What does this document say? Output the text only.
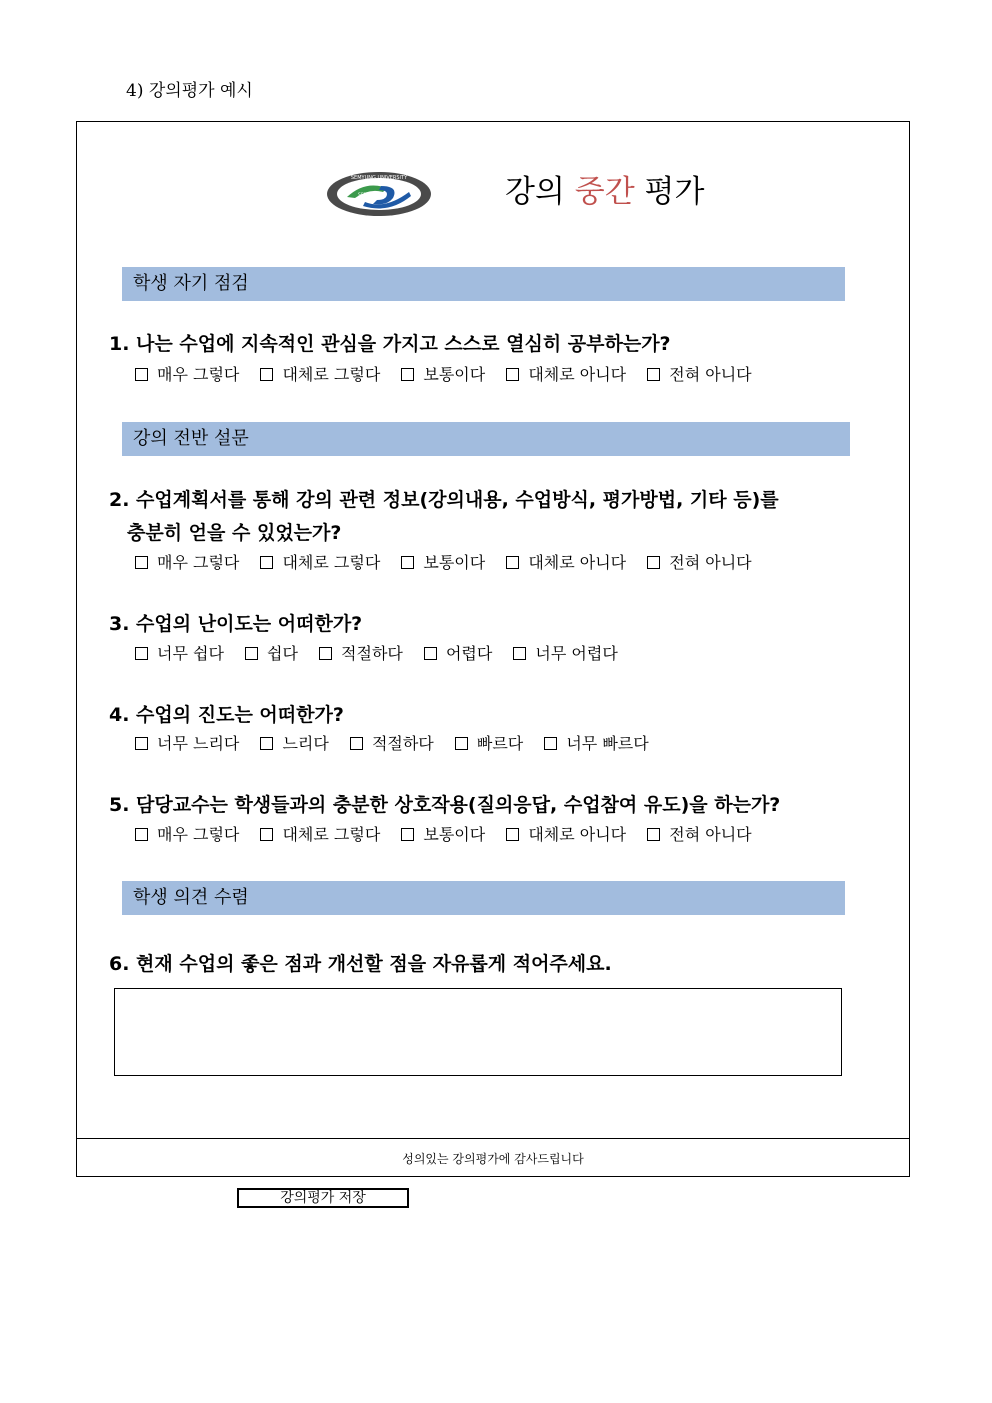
4) 강의평가 예시
SEMYUNG UNIVERSITY
SEMYUNG	강의 중간 평가
학생 자기 점검
1. 나는 수업에 지속적인 관심을 가지고 스스로 열심히 공부하는가?
매우 그렇다	대체로 그렇다	보통이다	대체로 아니다	전혀 아니다
강의 전반 설문
2. 수업계획서를 통해 강의 관련 정보(강의내용, 수업방식, 평가방법, 기타 등)를
충분히 얻을 수 있었는가?
매우 그렇다	대체로 그렇다	보통이다	대체로 아니다	전혀 아니다
3. 수업의 난이도는 어떠한가?
너무 쉽다	쉽다	적절하다	어렵다	너무 어렵다
4. 수업의 진도는 어떠한가?
너무 느리다	느리다	적절하다	빠르다	너무 빠르다
5. 담당교수는 학생들과의 충분한 상호작용(질의응답, 수업참여 유도)을 하는가?
매우 그렇다	대체로 그렇다	보통이다	대체로 아니다	전혀 아니다
학생 의견 수렴
6. 현재 수업의 좋은 점과 개선할 점을 자유롭게 적어주세요.
성의있는 강의평가에 감사드립니다
강의평가 저장
